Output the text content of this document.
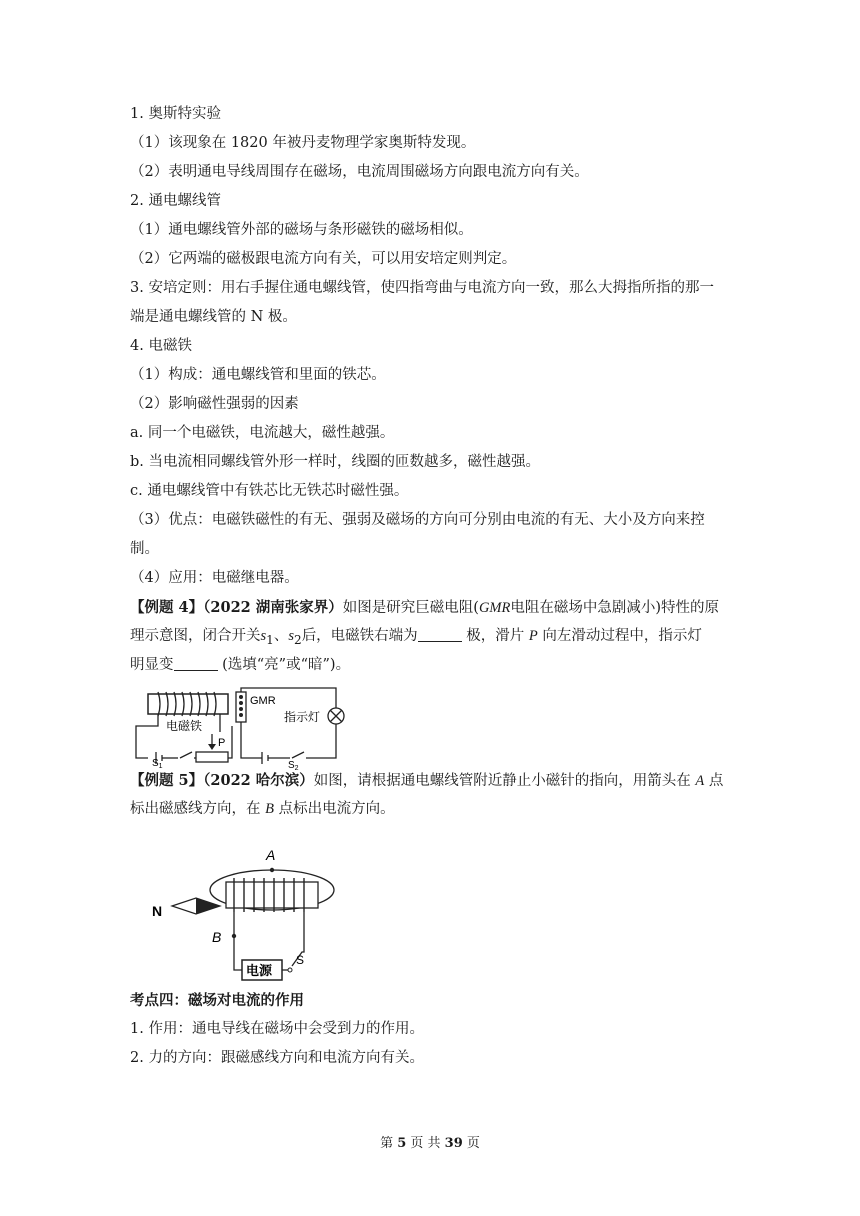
1. 奥斯特实验
（1）该现象在 1820 年被丹麦物理学家奥斯特发现。
（2）表明通电导线周围存在磁场，电流周围磁场方向跟电流方向有关。
2. 通电螺线管
（1）通电螺线管外部的磁场与条形磁铁的磁场相似。
（2）它两端的磁极跟电流方向有关，可以用安培定则判定。
3. 安培定则：用右手握住通电螺线管，使四指弯曲与电流方向一致，那么大拇指所指的那一
端是通电螺线管的 N 极。
4. 电磁铁
（1）构成：通电螺线管和里面的铁芯。
（2）影响磁性强弱的因素
a. 同一个电磁铁，电流越大，磁性越强。
b. 当电流相同螺线管外形一样时，线圈的匝数越多，磁性越强。
c. 通电螺线管中有铁芯比无铁芯时磁性强。
（3）优点：电磁铁磁性的有无、强弱及磁场的方向可分别由电流的有无、大小及方向来控
制。
（4）应用：电磁继电器。
【例题 4】（2022 湖南张家界）如图是研究巨磁电阻(GMR电阻在磁场中急剧减小)特性的原
理示意图，闭合开关$s_1$、$s_2$后，电磁铁右端为	极，滑片 P 向左滑动过程中，指示灯
明显变	(选填“亮”或“暗”)。
电磁铁
P
$S_1$
GMR
指示灯
$S_2$
【例题 5】（2022 哈尔滨）如图，请根据通电螺线管附近静止小磁针的指向，用箭头在 A 点
标出磁感线方向，在 B 点标出电流方向。
A
N
B
电源
S
考点四：磁场对电流的作用
1. 作用：通电导线在磁场中会受到力的作用。
2. 力的方向：跟磁感线方向和电流方向有关。
第 5 页 共 39 页
